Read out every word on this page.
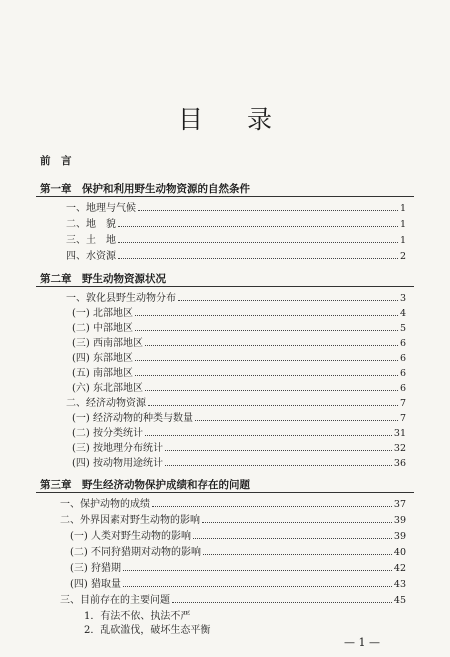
目 录
前　言
第一章　保护和利用野生动物资源的自然条件
一、地理与气候	1
二、地　貌	1
三、土　地	1
四、水资源	2
第二章　野生动物资源状况
一、敦化县野生动物分布	3
(一) 北部地区	4
(二) 中部地区	5
(三) 西南部地区	6
(四) 东部地区	6
(五) 南部地区	6
(六) 东北部地区	6
二、经济动物资源	7
(一) 经济动物的种类与数量	7
(二) 按分类统计	31
(三) 按地理分布统计	32
(四) 按动物用途统计	36
第三章　野生经济动物保护成绩和存在的问题
一、保护动物的成绩	37
二、外界因素对野生动物的影响	39
(一) 人类对野生动物的影响	39
(二) 不同狩猎期对动物的影响	40
(三) 狩猎期	42
(四) 猎取量	43
三、目前存在的主要问题	45
1．有法不依、执法不严
2．乱砍滥伐，破坏生态平衡
— 1 —
